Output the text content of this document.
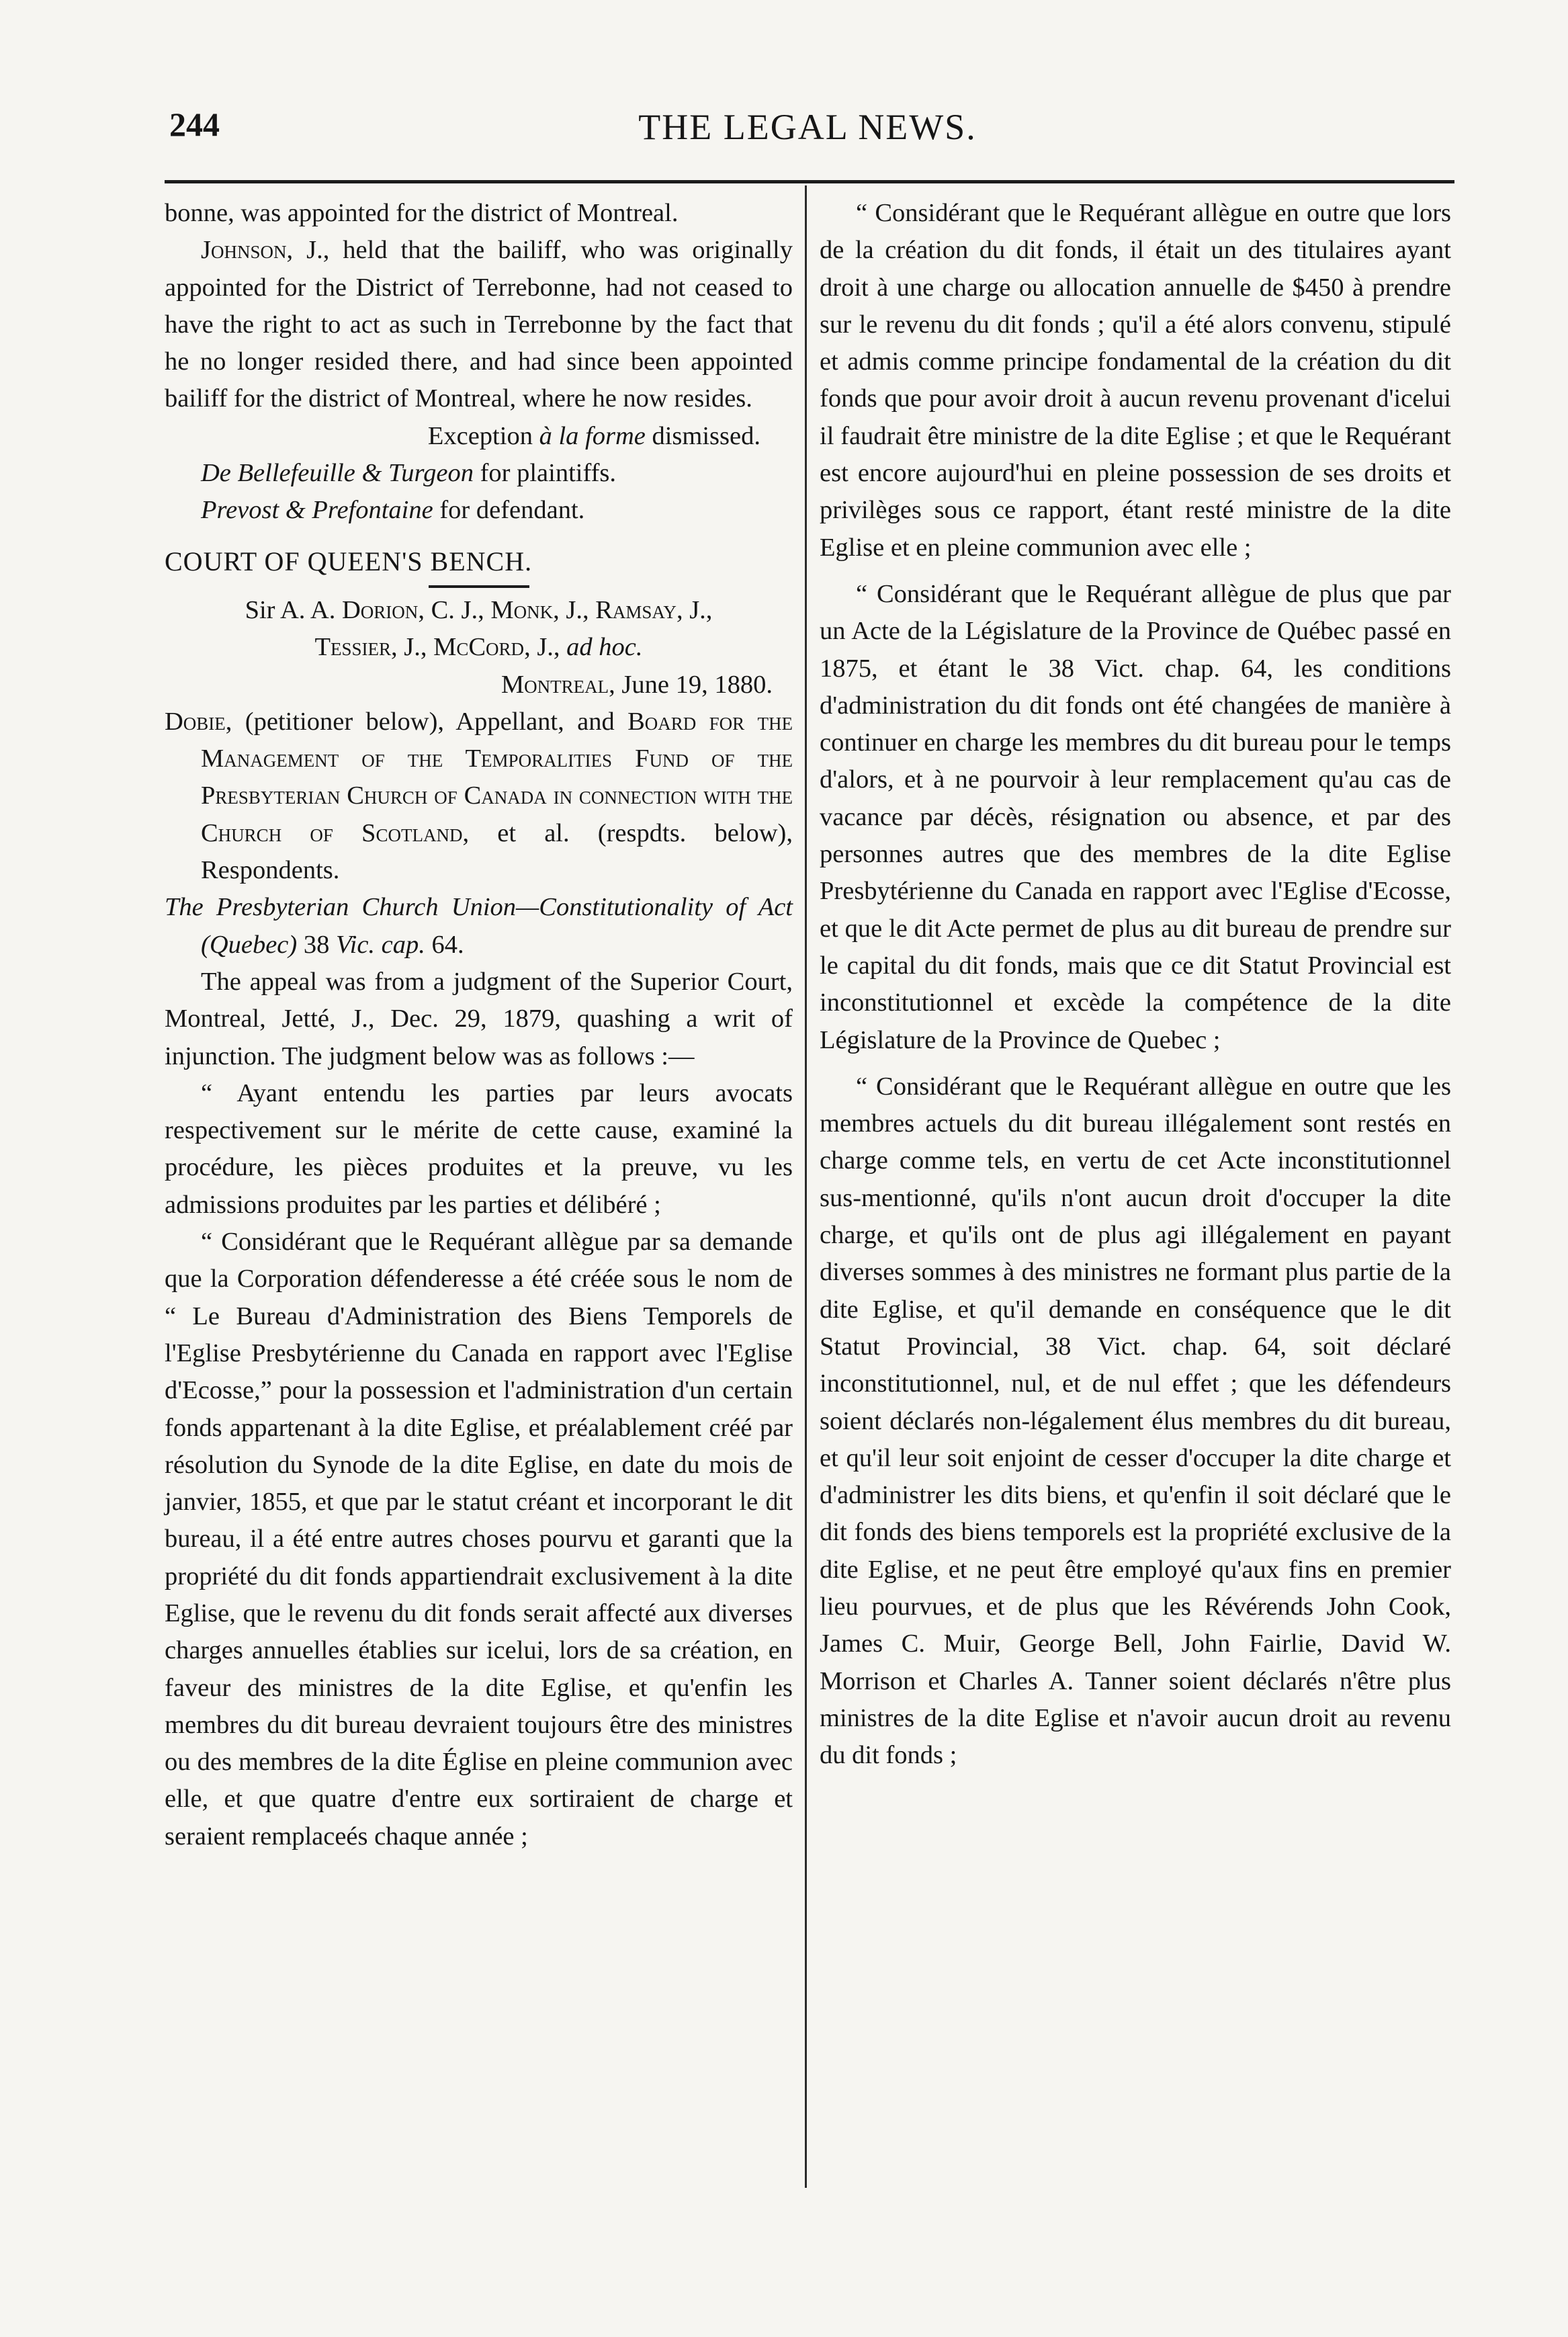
244	THE LEGAL NEWS.

bonne, was appointed for the district of Montreal.

Johnson, J., held that the bailiff, who was originally appointed for the District of Terrebonne, had not ceased to have the right to act as such in Terrebonne by the fact that he no longer resided there, and had since been appointed bailiff for the district of Montreal, where he now resides.

Exception à la forme dismissed.

De Bellefeuille & Turgeon for plaintiffs.

Prevost & Prefontaine for defendant.

COURT OF QUEEN'S BENCH.

Sir A. A. Dorion, C. J., Monk, J., Ramsay, J.,
Tessier, J., McCord, J., ad hoc.

Montreal, June 19, 1880.

Dobie, (petitioner below), Appellant, and Board for the Management of the Temporalities Fund of the Presbyterian Church of Canada in connection with the Church of Scotland, et al. (respdts. below), Respondents.

The Presbyterian Church Union—Constitutionality of Act (Quebec) 38 Vic. cap. 64.

The appeal was from a judgment of the Superior Court, Montreal, Jetté, J., Dec. 29, 1879, quashing a writ of injunction. The judgment below was as follows :—

“ Ayant entendu les parties par leurs avocats respectivement sur le mérite de cette cause, examiné la procédure, les pièces produites et la preuve, vu les admissions produites par les parties et délibéré ;

“ Considérant que le Requérant allègue par sa demande que la Corporation défenderesse a été créée sous le nom de “ Le Bureau d'Administration des Biens Temporels de l'Eglise Presbytérienne du Canada en rapport avec l'Eglise d'Ecosse,” pour la possession et l'administration d'un certain fonds appartenant à la dite Eglise, et préalablement créé par résolution du Synode de la dite Eglise, en date du mois de janvier, 1855, et que par le statut créant et incorporant le dit bureau, il a été entre autres choses pourvu et garanti que la propriété du dit fonds appartiendrait exclusivement à la dite Eglise, que le revenu du dit fonds serait affecté aux diverses charges annuelles établies sur icelui, lors de sa création, en faveur des ministres de la dite Eglise, et qu'enfin les membres du dit bureau devraient toujours être des ministres ou des membres de la dite Église en pleine communion avec elle, et que quatre d'entre eux sortiraient de charge et seraient remplaceés chaque année ;

“ Considérant que le Requérant allègue en outre que lors de la création du dit fonds, il était un des titulaires ayant droit à une charge ou allocation annuelle de $450 à prendre sur le revenu du dit fonds ; qu'il a été alors convenu, stipulé et admis comme principe fondamental de la création du dit fonds que pour avoir droit à aucun revenu provenant d'icelui il faudrait être ministre de la dite Eglise ; et que le Requérant est encore aujourd'hui en pleine possession de ses droits et privilèges sous ce rapport, étant resté ministre de la dite Eglise et en pleine communion avec elle ;

“ Considérant que le Requérant allègue de plus que par un Acte de la Législature de la Province de Québec passé en 1875, et étant le 38 Vict. chap. 64, les conditions d'administration du dit fonds ont été changées de manière à continuer en charge les membres du dit bureau pour le temps d'alors, et à ne pourvoir à leur remplacement qu'au cas de vacance par décès, résignation ou absence, et par des personnes autres que des membres de la dite Eglise Presbytérienne du Canada en rapport avec l'Eglise d'Ecosse, et que le dit Acte permet de plus au dit bureau de prendre sur le capital du dit fonds, mais que ce dit Statut Provincial est inconstitutionnel et excède la compétence de la dite Législature de la Province de Quebec ;

“ Considérant que le Requérant allègue en outre que les membres actuels du dit bureau illégalement sont restés en charge comme tels, en vertu de cet Acte inconstitutionnel sus-mentionné, qu'ils n'ont aucun droit d'occuper la dite charge, et qu'ils ont de plus agi illégalement en payant diverses sommes à des ministres ne formant plus partie de la dite Eglise, et qu'il demande en conséquence que le dit Statut Provincial, 38 Vict. chap. 64, soit déclaré inconstitutionnel, nul, et de nul effet ; que les défendeurs soient déclarés non-légalement élus membres du dit bureau, et qu'il leur soit enjoint de cesser d'occuper la dite charge et d'administrer les dits biens, et qu'enfin il soit déclaré que le dit fonds des biens temporels est la propriété exclusive de la dite Eglise, et ne peut être employé qu'aux fins en premier lieu pourvues, et de plus que les Révérends John Cook, James C. Muir, George Bell, John Fairlie, David W. Morrison et Charles A. Tanner soient déclarés n'être plus ministres de la dite Eglise et n'avoir aucun droit au revenu du dit fonds ;
